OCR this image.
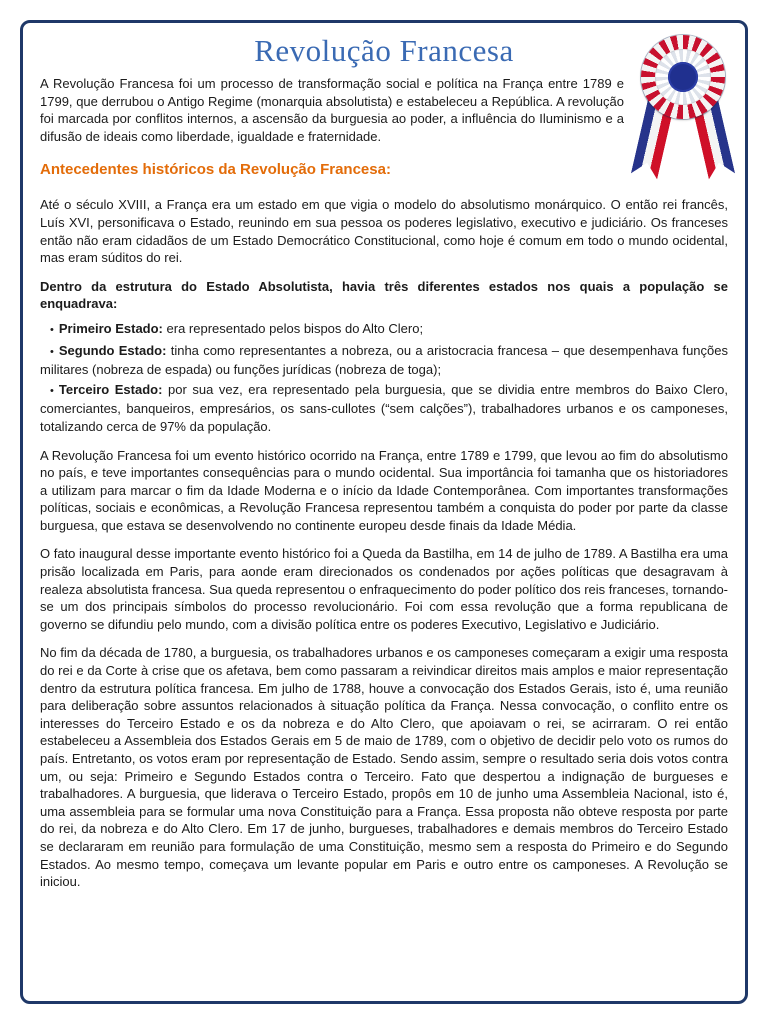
Revolução Francesa

A Revolução Francesa foi um processo de transformação social e política na França entre 1789 e 1799, que derrubou o Antigo Regime (monarquia absolutista) e estabeleceu a República. A revolução foi marcada por conflitos internos, a ascensão da burguesia ao poder, a influência do Iluminismo e a difusão de ideais como liberdade, igualdade e fraternidade.

Antecedentes históricos da Revolução Francesa:

Até o século XVIII, a França era um estado em que vigia o modelo do absolutismo monárquico. O então rei francês, Luís XVI, personificava o Estado, reunindo em sua pessoa os poderes legislativo, executivo e judiciário. Os franceses então não eram cidadãos de um Estado Democrático Constitucional, como hoje é comum em todo o mundo ocidental, mas eram súditos do rei.

Dentro da estrutura do Estado Absolutista, havia três diferentes estados nos quais a população se enquadrava:

• Primeiro Estado: era representado pelos bispos do Alto Clero;

• Segundo Estado: tinha como representantes a nobreza, ou a aristocracia francesa – que desempenhava funções militares (nobreza de espada) ou funções jurídicas (nobreza de toga);

• Terceiro Estado: por sua vez, era representado pela burguesia, que se dividia entre membros do Baixo Clero, comerciantes, banqueiros, empresários, os sans-cullotes (“sem calções”), trabalhadores urbanos e os camponeses, totalizando cerca de 97% da população.

A Revolução Francesa foi um evento histórico ocorrido na França, entre 1789 e 1799, que levou ao fim do absolutismo no país, e teve importantes consequências para o mundo ocidental. Sua importância foi tamanha que os historiadores a utilizam para marcar o fim da Idade Moderna e o início da Idade Contemporânea. Com importantes transformações políticas, sociais e econômicas, a Revolução Francesa representou também a conquista do poder por parte da classe burguesa, que estava se desenvolvendo no continente europeu desde finais da Idade Média.

O fato inaugural desse importante evento histórico foi a Queda da Bastilha, em 14 de julho de 1789. A Bastilha era uma prisão localizada em Paris, para aonde eram direcionados os condenados por ações políticas que desagravam à realeza absolutista francesa. Sua queda representou o enfraquecimento do poder político dos reis franceses, tornando-se um dos principais símbolos do processo revolucionário. Foi com essa revolução que a forma republicana de governo se difundiu pelo mundo, com a divisão política entre os poderes Executivo, Legislativo e Judiciário.

No fim da década de 1780, a burguesia, os trabalhadores urbanos e os camponeses começaram a exigir uma resposta do rei e da Corte à crise que os afetava, bem como passaram a reivindicar direitos mais amplos e maior representação dentro da estrutura política francesa. Em julho de 1788, houve a convocação dos Estados Gerais, isto é, uma reunião para deliberação sobre assuntos relacionados à situação política da França. Nessa convocação, o conflito entre os interesses do Terceiro Estado e os da nobreza e do Alto Clero, que apoiavam o rei, se acirraram. O rei então estabeleceu a Assembleia dos Estados Gerais em 5 de maio de 1789, com o objetivo de decidir pelo voto os rumos do país. Entretanto, os votos eram por representação de Estado. Sendo assim, sempre o resultado seria dois votos contra um, ou seja: Primeiro e Segundo Estados contra o Terceiro. Fato que despertou a indignação de burgueses e trabalhadores. A burguesia, que liderava o Terceiro Estado, propôs em 10 de junho uma Assembleia Nacional, isto é, uma assembleia para se formular uma nova Constituição para a França. Essa proposta não obteve resposta por parte do rei, da nobreza e do Alto Clero. Em 17 de junho, burgueses, trabalhadores e demais membros do Terceiro Estado se declararam em reunião para formulação de uma Constituição, mesmo sem a resposta do Primeiro e do Segundo Estados. Ao mesmo tempo, começava um levante popular em Paris e outro entre os camponeses. A Revolução se iniciou.
